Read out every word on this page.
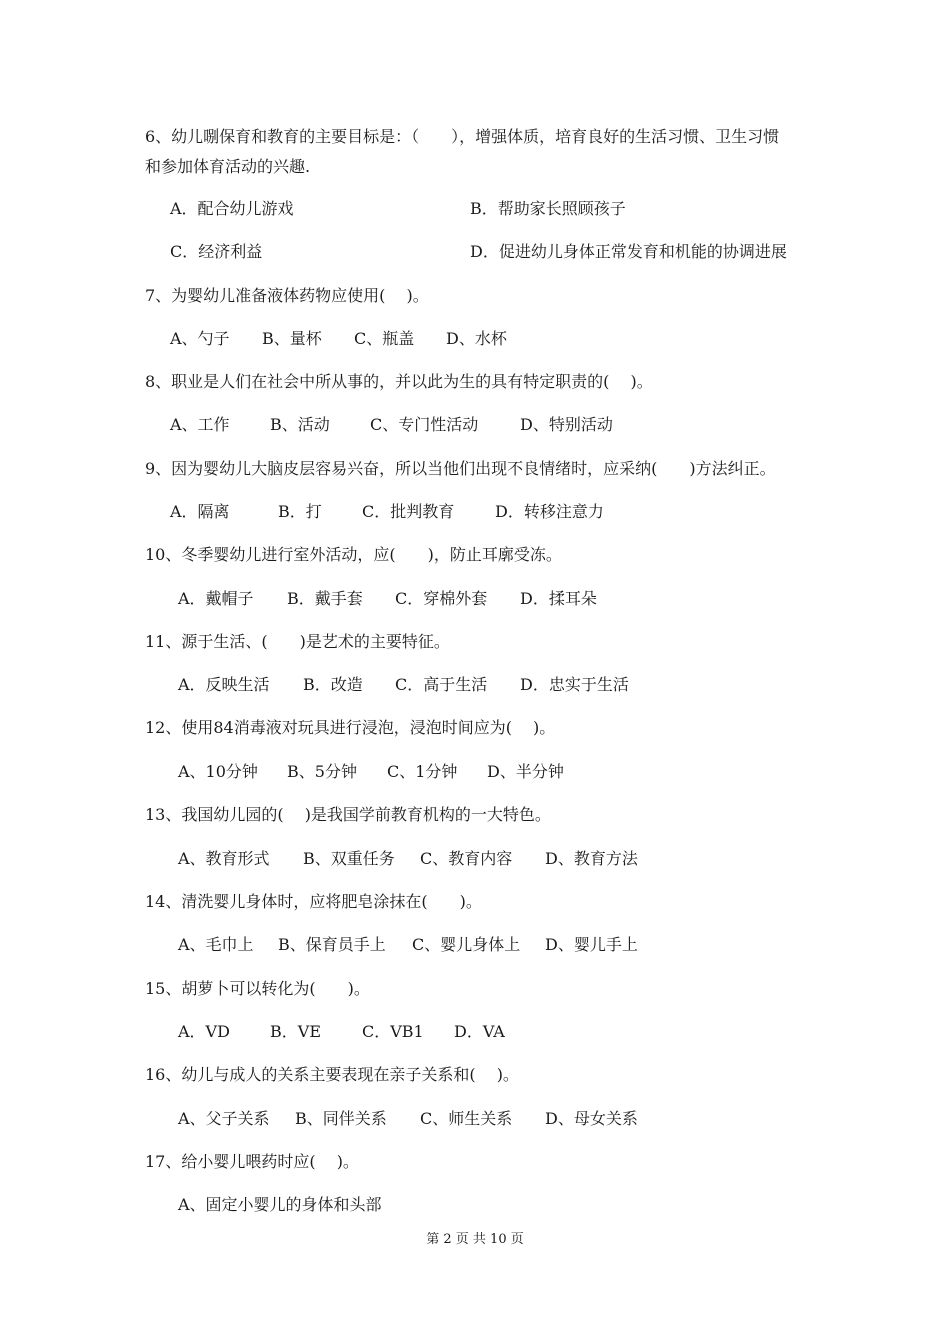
6、幼儿哵保育和教育的主要目标是：（　　），增强体质，培育良好的生活习惯、卫生习惯
和参加体育活动的兴趣.
A．配合幼儿游戏	B．帮助家长照顾孩子
C．经济利益	D．促进幼儿身体正常发育和机能的协调进展
7、为婴幼儿准备液体药物应使用(　 )。
A、勺子 B、量杯 C、瓶盖 D、水杯
8、职业是人们在社会中所从事的，并以此为生的具有特定职责的(　 )。
A、工作	B、活动	C、专门性活动	D、特别活动
9、因为婴幼儿大脑皮层容易兴奋，所以当他们出现不良情绪时，应采纳(　　)方法纠正。
A．隔离	B．打	C．批判教育	D．转移注意力
10、冬季婴幼儿进行室外活动，应(　　)，防止耳廓受冻。
A．戴帽子 B．戴手套 C．穿棉外套 D．揉耳朵
11、源于生活、(　　)是艺术的主要特征。
A．反映生活 B．改造 C．高于生活 D．忠实于生活
12、使用84消毒液对玩具进行浸泡，浸泡时间应为(　 )。
A、10分钟 B、5分钟 C、1分钟 D、半分钟
13、我国幼儿园的(　 )是我国学前教育机构的一大特色。
A、教育形式 B、双重任务 C、教育内容 D、教育方法
14、清洗婴儿身体时，应将肥皂涂抹在(　　)。
A、毛巾上 B、保育员手上 C、婴儿身体上 D、婴儿手上
15、胡萝卜可以转化为(　　)。
A．VD	B．VE	C．VB1 D．VA
16、幼儿与成人的关系主要表现在亲子关系和(　 )。
A、父子关系 B、同伴关系 C、师生关系 D、母女关系
17、给小婴儿喂药时应(　 )。
A、固定小婴儿的身体和头部
第 2 页 共 10 页
